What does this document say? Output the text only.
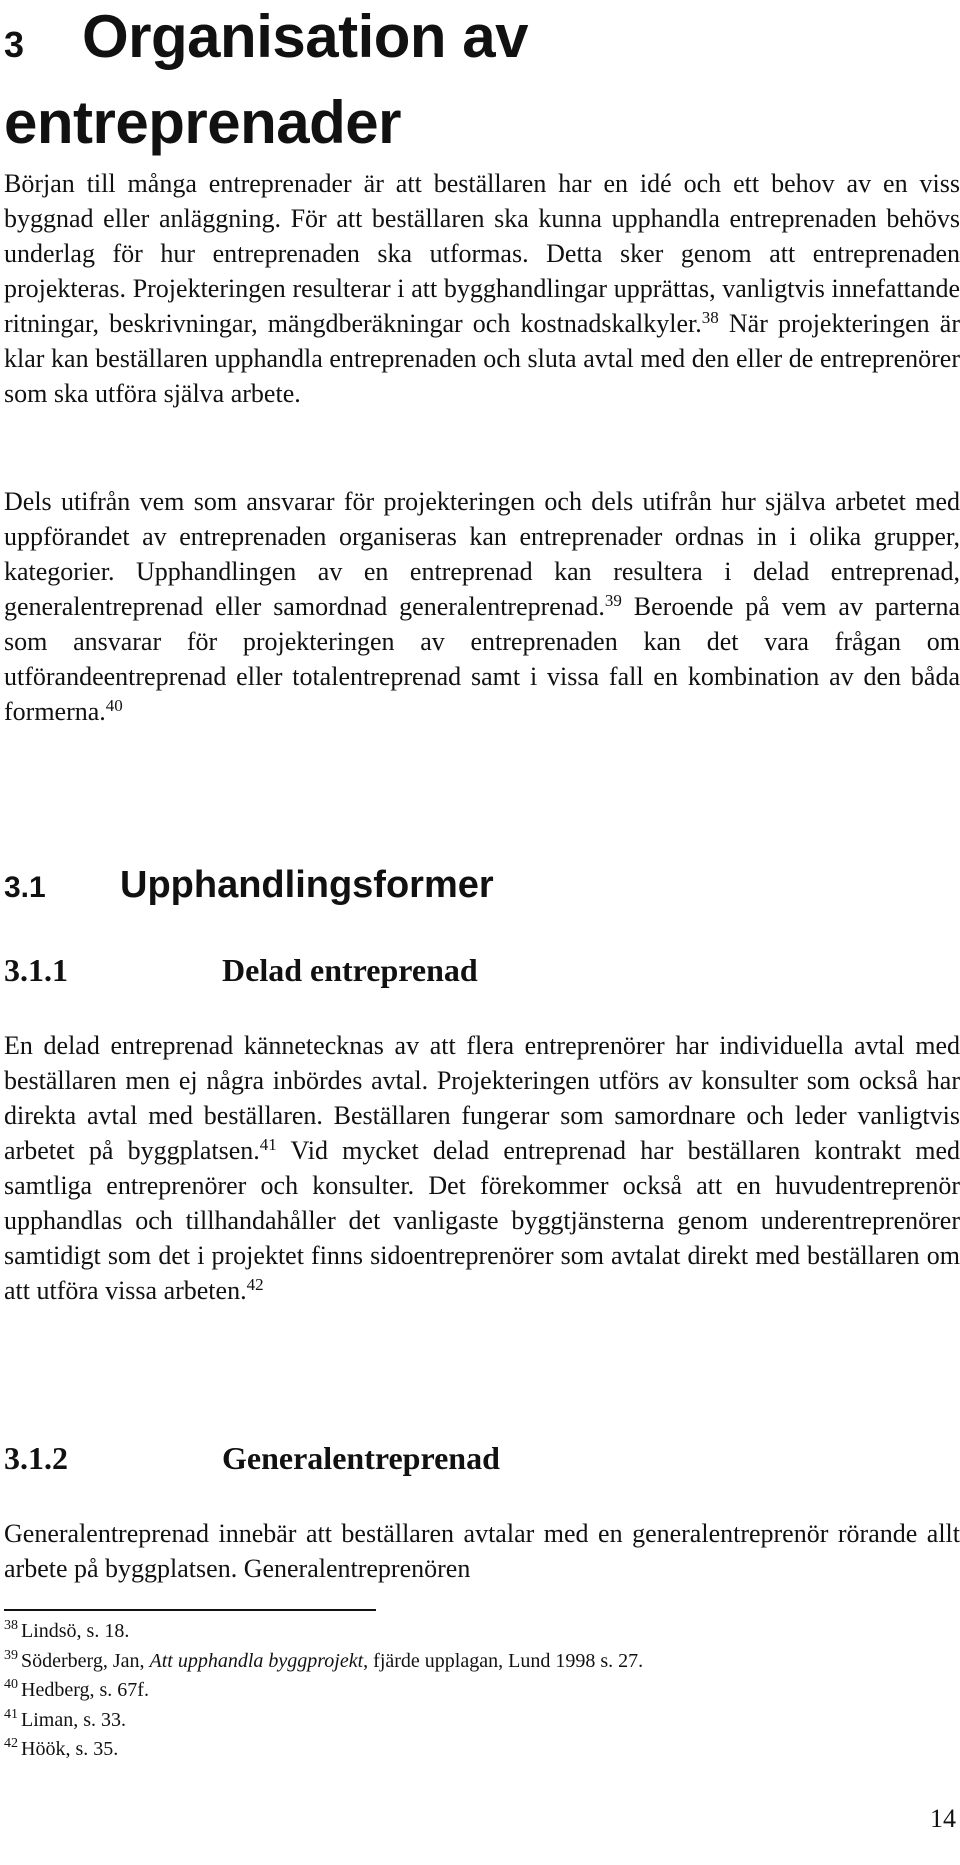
3 Organisation av
entreprenader

Början till många entreprenader är att beställaren har en idé och ett behov av en viss byggnad eller anläggning. För att beställaren ska kunna upphandla entreprenaden behövs underlag för hur entreprenaden ska utformas. Detta sker genom att entreprenaden projekteras. Projekteringen resulterar i att bygghandlingar upprättas, vanligtvis innefattande ritningar, beskrivningar, mängdberäkningar och kostnadskalkyler.$^{38}$ När projekteringen är klar kan beställaren upphandla entreprenaden och sluta avtal med den eller de entreprenörer som ska utföra själva arbete.

Dels utifrån vem som ansvarar för projekteringen och dels utifrån hur själva arbetet med uppförandet av entreprenaden organiseras kan entreprenader ordnas in i olika grupper, kategorier. Upphandlingen av en entreprenad kan resultera i delad entreprenad, generalentreprenad eller samordnad generalentreprenad.$^{39}$ Beroende på vem av parterna som ansvarar för projekteringen av entreprenaden kan det vara frågan om utförandeentreprenad eller totalentreprenad samt i vissa fall en kombination av den båda formerna.$^{40}$

3.1 Upphandlingsformer
3.1.1	Delad entreprenad

En delad entreprenad kännetecknas av att flera entreprenörer har individuella avtal med beställaren men ej några inbördes avtal. Projekteringen utförs av konsulter som också har direkta avtal med beställaren. Beställaren fungerar som samordnare och leder vanligtvis arbetet på byggplatsen.$^{41}$ Vid mycket delad entreprenad har beställaren kontrakt med samtliga entreprenörer och konsulter. Det förekommer också att en huvudentreprenör upphandlas och tillhandahåller det vanligaste byggtjänsterna genom underentreprenörer samtidigt som det i projektet finns sidoentreprenörer som avtalat direkt med beställaren om att utföra vissa arbeten.$^{42}$

3.1.2	Generalentreprenad

Generalentreprenad innebär att beställaren avtalar med en generalentreprenör rörande allt arbete på byggplatsen. Generalentreprenören

$^{38}$ Lindsö, s. 18.

$^{39}$ Söderberg, Jan, Att upphandla byggprojekt, fjärde upplagan, Lund 1998 s. 27.

$^{40}$ Hedberg, s. 67f.

$^{41}$ Liman, s. 33.

$^{42}$ Höök, s. 35.

14
